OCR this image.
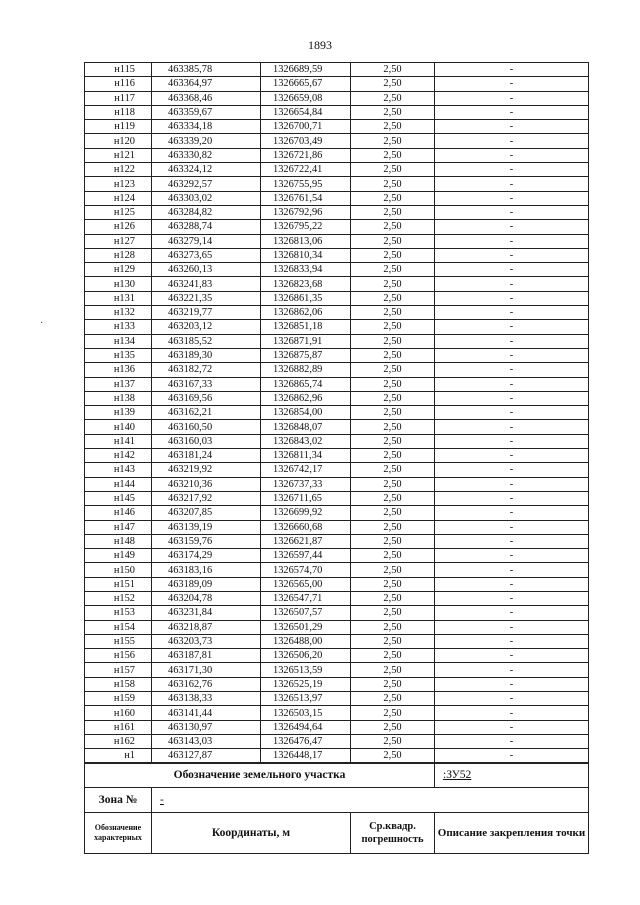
1893
·
н115	463385,78	1326689,59	2,50	-
н116	463364,97	1326665,67	2,50	-
н117	463368,46	1326659,08	2,50	-
н118	463359,67	1326654,84	2,50	-
н119	463334,18	1326700,71	2,50	-
н120	463339,20	1326703,49	2,50	-
н121	463330,82	1326721,86	2,50	-
н122	463324,12	1326722,41	2,50	-
н123	463292,57	1326755,95	2,50	-
н124	463303,02	1326761,54	2,50	-
н125	463284,82	1326792,96	2,50	-
н126	463288,74	1326795,22	2,50	-
н127	463279,14	1326813,06	2,50	-
н128	463273,65	1326810,34	2,50	-
н129	463260,13	1326833,94	2,50	-
н130	463241,83	1326823,68	2,50	-
н131	463221,35	1326861,35	2,50	-
н132	463219,77	1326862,06	2,50	-
н133	463203,12	1326851,18	2,50	-
н134	463185,52	1326871,91	2,50	-
н135	463189,30	1326875,87	2,50	-
н136	463182,72	1326882,89	2,50	-
н137	463167,33	1326865,74	2,50	-
н138	463169,56	1326862,96	2,50	-
н139	463162,21	1326854,00	2,50	-
н140	463160,50	1326848,07	2,50	-
н141	463160,03	1326843,02	2,50	-
н142	463181,24	1326811,34	2,50	-
н143	463219,92	1326742,17	2,50	-
н144	463210,36	1326737,33	2,50	-
н145	463217,92	1326711,65	2,50	-
н146	463207,85	1326699,92	2,50	-
н147	463139,19	1326660,68	2,50	-
н148	463159,76	1326621,87	2,50	-
н149	463174,29	1326597,44	2,50	-
н150	463183,16	1326574,70	2,50	-
н151	463189,09	1326565,00	2,50	-
н152	463204,78	1326547,71	2,50	-
н153	463231,84	1326507,57	2,50	-
н154	463218,87	1326501,29	2,50	-
н155	463203,73	1326488,00	2,50	-
н156	463187,81	1326506,20	2,50	-
н157	463171,30	1326513,59	2,50	-
н158	463162,76	1326525,19	2,50	-
н159	463138,33	1326513,97	2,50	-
н160	463141,44	1326503,15	2,50	-
н161	463130,97	1326494,64	2,50	-
н162	463143,03	1326476,47	2,50	-
н1	463127,87	1326448,17	2,50	-
Обозначение земельного участка			:ЗУ52
Зона №	-		
Обозначение характерных	Координаты, м	Ср.квадр. погрешность	Описание закрепления точки
